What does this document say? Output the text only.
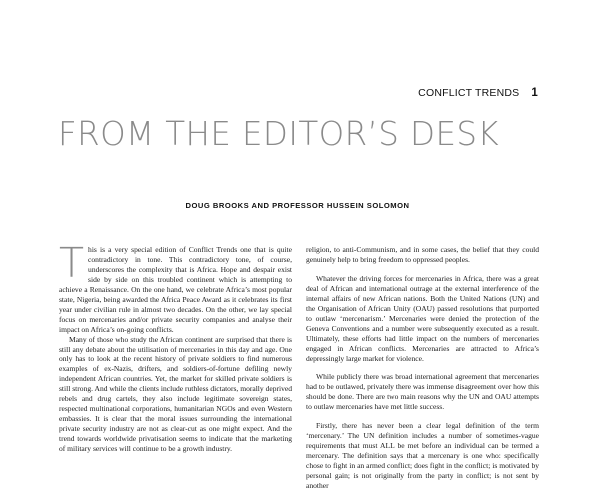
CONFLICT TRENDS 1
FROM THE EDITOR’S DESK
DOUG BROOKS AND PROFESSOR HUSSEIN SOLOMON

This is a very special edition of Conflict Trends one that is quite contradictory in tone. This contradictory tone, of course, underscores the complexity that is Africa. Hope and despair exist side by side on this troubled continent which is attempting to achieve a Renaissance. On the one hand, we celebrate Africa’s most popular state, Nigeria, being awarded the Africa Peace Award as it celebrates its first year under civilian rule in almost two decades. On the other, we lay special focus on mercenaries and/or private security companies and analyse their impact on Africa’s on-going conflicts.

Many of those who study the African continent are surprised that there is still any debate about the utilisation of mercenaries in this day and age. One only has to look at the recent history of private soldiers to find numerous examples of ex-Nazis, drifters, and soldiers-of-fortune defiling newly independent African countries. Yet, the market for skilled private soldiers is still strong. And while the clients include ruthless dictators, morally deprived rebels and drug cartels, they also include legitimate sovereign states, respected multinational corporations, humanitarian NGOs and even Western embassies. It is clear that the moral issues surrounding the international private security industry are not as clear-cut as one might expect. And the trend towards worldwide privatisation seems to indicate that the marketing of military services will continue to be a growth industry.

religion, to anti-Communism, and in some cases, the belief that they could genuinely help to bring freedom to oppressed peoples.

Whatever the driving forces for mercenaries in Africa, there was a great deal of African and international outrage at the external interference of the internal affairs of new African nations. Both the United Nations (UN) and the Organisation of African Unity (OAU) passed resolutions that purported to outlaw ‘mercenarism.’ Mercenaries were denied the protection of the Geneva Conventions and a number were subsequently executed as a result. Ultimately, these efforts had little impact on the numbers of mercenaries engaged in African conflicts. Mercenaries are attracted to Africa’s depressingly large market for violence.

While publicly there was broad international agreement that mercenaries had to be outlawed, privately there was immense disagreement over how this should be done. There are two main reasons why the UN and OAU attempts to outlaw mercenaries have met little success.

Firstly, there has never been a clear legal definition of the term ‘mercenary.’ The UN definition includes a number of sometimes-vague requirements that must ALL be met before an individual can be termed a mercenary. The definition says that a mercenary is one who: specifically chose to fight in an armed conflict; does fight in the conflict; is motivated by personal gain; is not originally from the party in conflict; is not sent by another
